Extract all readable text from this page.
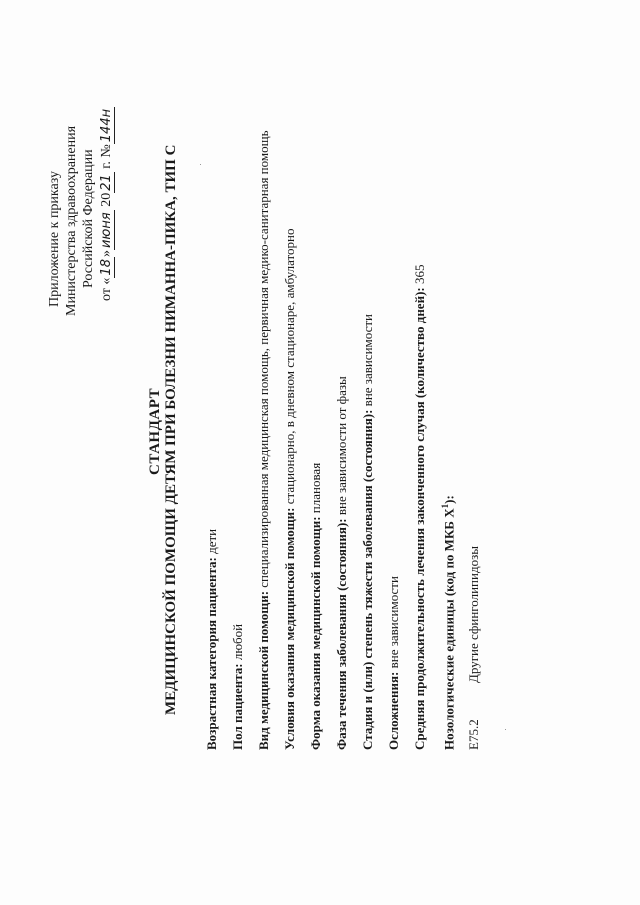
Приложение к приказу Министерства здравоохранения Российской Федерации
от «18»июня 2021 г. №144н
СТАНДАРТ МЕДИЦИНСКОЙ ПОМОЩИ ДЕТЯМ ПРИ БОЛЕЗНИ НИМАННА-ПИКА, ТИП С Возрастная категория пациента: дети
Пол пациента: любой Вид медицинской помощи: специализированная медицинская помощь, первичная медико-санитарная помощь
Условия оказания медицинской помощи: стационарно, в дневном стационаре, амбулаторно
Форма оказания медицинской помощи: плановая
Фаза течения заболевания (состояния): вне зависимости от фазы Стадия и (или) степень тяжести заболевания (состояния): вне зависимости
Осложнения: вне зависимости Средняя продолжительность лечения законченного случая (количество дней): 365
Нозологические единицы (код по МКБ $X^1$):
E75.2
Другие сфинголипидозы
